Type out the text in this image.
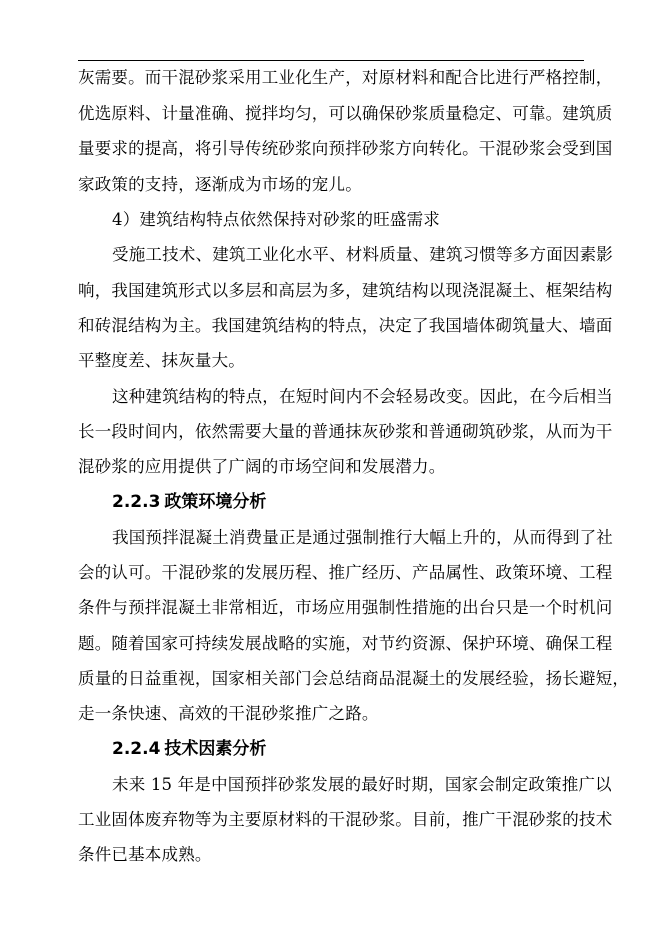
灰需要。而干混砂浆采用工业化生产，对原材料和配合比进行严格控制，
优选原料、计量准确、搅拌均匀，可以确保砂浆质量稳定、可靠。建筑质
量要求的提高，将引导传统砂浆向预拌砂浆方向转化。干混砂浆会受到国
家政策的支持，逐渐成为市场的宠儿。
4）建筑结构特点依然保持对砂浆的旺盛需求
受施工技术、建筑工业化水平、材料质量、建筑习惯等多方面因素影
响，我国建筑形式以多层和高层为多，建筑结构以现浇混凝土、框架结构
和砖混结构为主。我国建筑结构的特点，决定了我国墙体砌筑量大、墙面
平整度差、抹灰量大。
这种建筑结构的特点，在短时间内不会轻易改变。因此，在今后相当
长一段时间内，依然需要大量的普通抹灰砂浆和普通砌筑砂浆，从而为干
混砂浆的应用提供了广阔的市场空间和发展潜力。
2.2.3 政策环境分析
我国预拌混凝土消费量正是通过强制推行大幅上升的，从而得到了社
会的认可。干混砂浆的发展历程、推广经历、产品属性、政策环境、工程
条件与预拌混凝土非常相近，市场应用强制性措施的出台只是一个时机问
题。随着国家可持续发展战略的实施，对节约资源、保护环境、确保工程
质量的日益重视，国家相关部门会总结商品混凝土的发展经验，扬长避短，
走一条快速、高效的干混砂浆推广之路。
2.2.4 技术因素分析
未来 15 年是中国预拌砂浆发展的最好时期，国家会制定政策推广以
工业固体废弃物等为主要原材料的干混砂浆。目前，推广干混砂浆的技术
条件已基本成熟。
